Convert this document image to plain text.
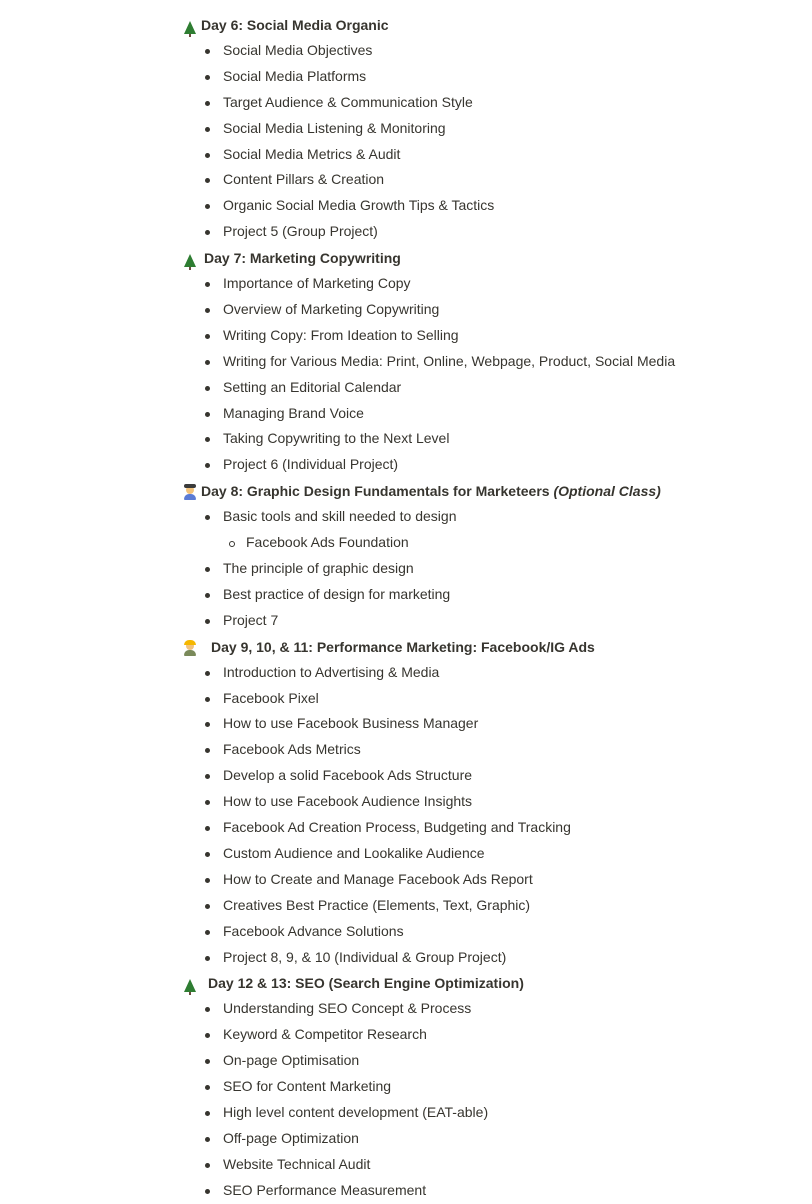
Day 6: Social Media Organic
Social Media Objectives
Social Media Platforms
Target Audience & Communication Style
Social Media Listening & Monitoring
Social Media Metrics & Audit
Content Pillars & Creation
Organic Social Media Growth Tips & Tactics
Project 5 (Group Project)
Day 7: Marketing Copywriting
Importance of Marketing Copy
Overview of Marketing Copywriting
Writing Copy: From Ideation to Selling
Writing for Various Media: Print, Online, Webpage, Product, Social Media
Setting an Editorial Calendar
Managing Brand Voice
Taking Copywriting to the Next Level
Project 6 (Individual Project)
Day 8: Graphic Design Fundamentals for Marketeers (Optional Class)
Basic tools and skill needed to design
Facebook Ads Foundation
The principle of graphic design
Best practice of design for marketing
Project 7
Day 9, 10, & 11: Performance Marketing: Facebook/IG Ads
Introduction to Advertising & Media
Facebook Pixel
How to use Facebook Business Manager
Facebook Ads Metrics
Develop a solid Facebook Ads Structure
How to use Facebook Audience Insights
Facebook Ad Creation Process, Budgeting and Tracking
Custom Audience and Lookalike Audience
How to Create and Manage Facebook Ads Report
Creatives Best Practice (Elements, Text, Graphic)
Facebook Advance Solutions
Project 8, 9, & 10 (Individual & Group Project)
Day 12 & 13: SEO (Search Engine Optimization)
Understanding SEO Concept & Process
Keyword & Competitor Research
On-page Optimisation
SEO for Content Marketing
High level content development (EAT-able)
Off-page Optimization
Website Technical Audit
SEO Performance Measurement
